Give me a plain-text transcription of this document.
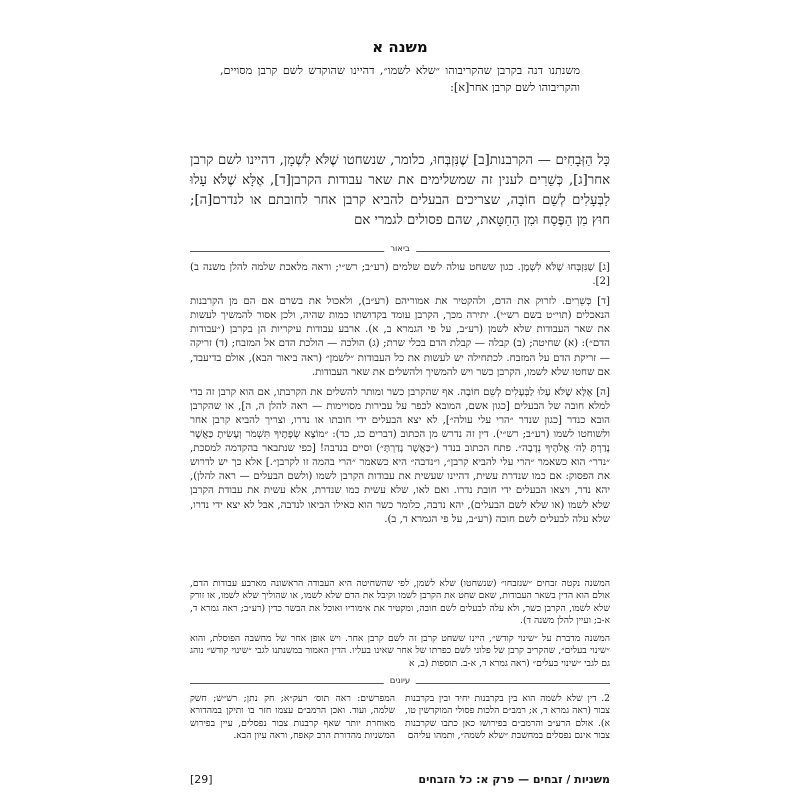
משנה א
משנתנו דנה בקרבן שהקריבוהו ״שלא לשמו״, דהיינו שהוקדש לשם קרבן מסויים, והקריבוהו לשם קרבן אחר[א]:
כָּל הַזְּבָחִים — הקרבנות[ב] שֶׁנִּזְבְּחוּ, כלומר, שנשחטו שֶׁלֹּא לִשְׁמָן, דהיינו לשם קרבן אחר[ג], כְּשֵׁרִים לענין זה שמשלימים את שאר עבודות הקרבן[ד], אֶלָּא שֶׁלֹּא עָלוּ לַבְּעָלִים לְשֵׁם חוֹבָה, שצריכים הבעלים להביא קרבן אחר לחובתם או לנדרם[ה]; חוּץ מִן הַפֶּסַח וּמִן הַחַטָּאת, שהם פסולים לגמרי אם
ביאור

[ג] שֶׁנִּזְבְּחוּ שֶׁלֹּא לִשְׁמָן. כגון ששחט עולה לשם שלמים (רע״ב; רש״י; וראה מלאכת שלמה להלן משנה ב)[2].

[ד] כְּשֵׁרִים. לזרוק את הדם, ולהקטיר את אמוריהם (רע״ב), ולאכול את בשרם אם הם מן הקרבנות הנאכלים (תוי״ט בשם רש״י). יתירה מכך, הקרבן עומד בקדושתו כמות שהיה, ולכן אסור להמשיך לעשות את שאר העבודות שלא לשמן (רע״ב, על פי הגמרא ב, א). ארבע עבודות עיקריות הן בקרבן (״עבודות הדם״): (א) שחיטה; (ב) קבלה — קבלת הדם בכלי שרת; (ג) הולכה — הולכת הדם אל המזבח; (ד) זריקה — זריקת הדם על המזבח. לכתחילה יש לעשות את כל העבודות ״לשמן״ (ראה ביאור הבא), אולם בדיעבד, אם שחטו שלא לשמו, הקרבן כשר ויש להמשיך ולהשלים את שאר העבודות.

[ה] אֶלָּא שֶׁלֹּא עָלוּ לַבְּעָלִים לְשֵׁם חוֹבָה. אף שהקרבן כשר ומותר להשלים את הקרבתו, אם הוא קרבן זה בדי למלא חובה של הבעלים [כגון אשם, המובא לכפר על עבירות מסויימות — ראה להלן ה, ה], או שהקרבן הובא כנדר [כגון שנדר ״הרי עלי עולה״], לא יצא הבעלים ידי חובתו או נדרו, וצריך להביא קרבן אחר ולשוחטו לשמו (רע״ב; רש״י). דין זה נדרש מן הכתוב (דברים כג, כד): ״מוֹצָא שְׂפָתֶיךָ תִּשְׁמֹר וְעָשִׂיתָ כַּאֲשֶׁר נָדַרְתָּ לַה׳ אֱלֹהֶיךָ נְדָבָה״. פתח הכתוב בנדר (״כַּאֲשֶׁר נָדַרְתָּ״) וסיים בנדבה! [כפי שנתבאר בהקדמה למסכת, ״נדר״ הוא כשאמר ״הרי עלי להביא קרבן״, ו״נדבה״ היא כשאמר ״הרי בהמה זו לקרבן״.] אלא כך יש לדרוש את הפסוק: אם כמו שנדרת עשית, דהיינו שעשית את עבודות הקרבן לשמו (ולשם הבעלים — ראה להלן), יהא נדר, ויצאו הבעלים ידי חובת נדרו. ואם לאו, שלא עשית כמו שנדרת, אלא עשית את עבודת הקרבן שלא לשמו (או שלא לשם הבעלים), יהא נדבה, כלומר כשר הוא כאילו הביאו לנדבה, אבל לא יצא ידי נדרו, שלא עלה לבעלים לשם חובה (רע״ב, על פי הגמרא ד, ב).

המשנה נקטה זבחים ״שנזבחו״ (שנשחטו) שלא לשמן, לפי שהשחיטה היא העבודה הראשונה מארבע עבודות הדם, אולם הוא הדין בשאר העבודות, שאם שחט את הקרבן לשמו וקיבל את הדם שלא לשמו, או שהוליך שלא לשמו, או זורק שלא לשמו, הקרבן כשר, ולא עלה לבעלים לשם חובה, ומקטיר את אימוריו ואוכל את הבשר כדין (רע״ב; ראה גמרא ד, א-ב; ועיין להלן משנה ד).
המשנה מדברת על ״שינוי קודש״, היינו ששחט קרבן זה לשם קרבן אחר. ויש אופן אחר של מחשבה הפוסלת, והוא ״שינוי בעלים״, שהקריב קרבן של פלוני לשם כפרתו של אחר שאינו בעליו. הדין האמור במשנתנו לגבי ״שינוי קודש״ נוהג גם לגבי ״שינוי בעלים״ (ראה גמרא ד, א-ב. תוספות (ב, א
עיונים
2. דין שלא לשמה הוא בין בקרבנות יחיד ובין בקרבנות צבור (ראה גמרא ד, א; רמב״ם הלכות פסולי המוקדשין טו, א). אולם הרע״ב והרמב״ם בפירושו כאן כתבו שקרבנות צבור אינם נפסלים במחשבת ״שלא לשמה״, ותמהו עליהם
המפרשים: ראה תוס׳ רעק״א; חק נתן; רש״ש; חשק שלמה, ועוד. ואכן הרמב״ם עצמו חזר בו ותיקן במהדורא מאוחרת יותר שאף קרבנות צבור נפסלים, עיין בפירוש המשניות מהדורת הרב קאפח, וראה עיון הבא.
משניות / זבחים — פרק א: כל הזבחים
[29]
